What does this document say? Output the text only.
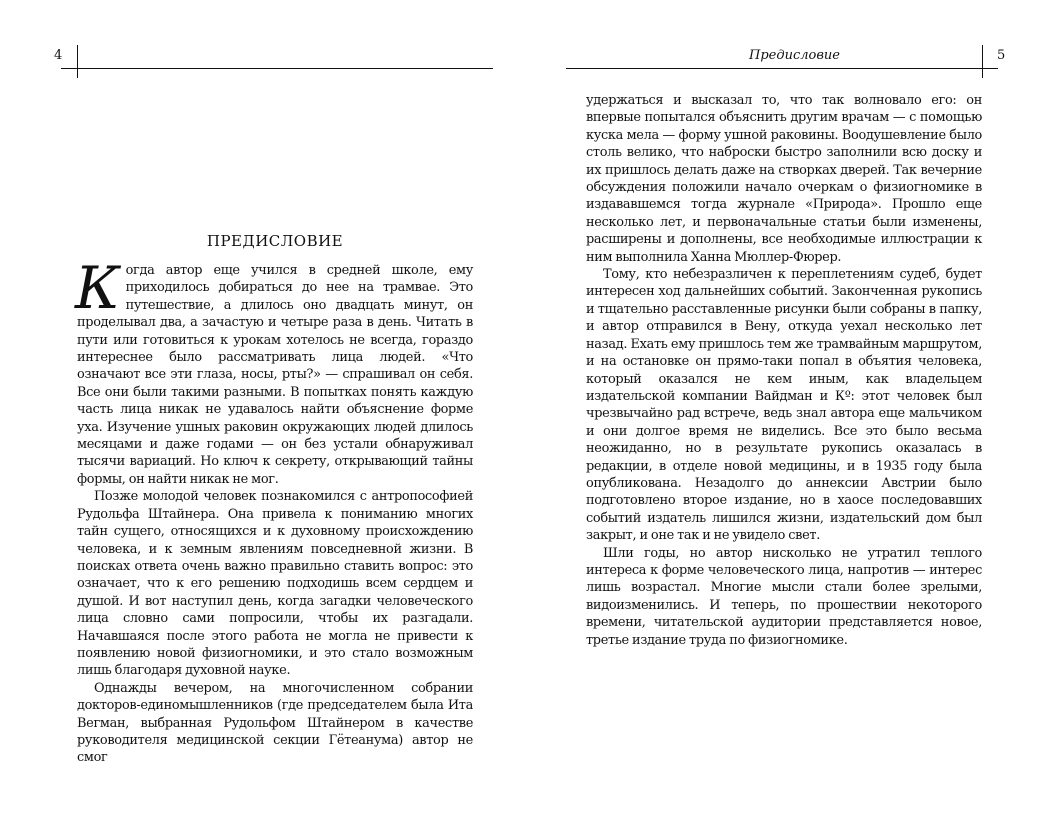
4
ПРЕДИСЛОВИЕ

Когда автор еще учился в средней школе, ему приходилось добираться до нее на трамвае. Это путешествие, а длилось оно двадцать минут, он проделывал два, а зачастую и четыре раза в день. Читать в пути или готовиться к урокам хотелось не всегда, гораздо интереснее было рассматривать лица людей. «Что означают все эти глаза, носы, рты?» — спрашивал он себя. Все они были такими разными. В попытках понять каждую часть лица никак не удавалось найти объяснение форме уха. Изучение ушных раковин окружающих людей длилось месяцами и даже годами — он без устали обнаруживал тысячи вариаций. Но ключ к секрету, открывающий тайны формы, он найти никак не мог.

Позже молодой человек познакомился с антропософией Рудольфа Штайнера. Она привела к пониманию многих тайн сущего, относящихся и к духовному происхождению человека, и к земным явлениям повседневной жизни. В поисках ответа очень важно правильно ставить вопрос: это означает, что к его решению подходишь всем сердцем и душой. И вот наступил день, когда загадки человеческого лица словно сами попросили, чтобы их разгадали. Начавшаяся после этого работа не могла не привести к появлению новой физиогномики, и это стало возможным лишь благодаря духовной науке.

Однажды вечером, на многочисленном собрании докторов-единомышленников (где председателем была Ита Вегман, выбранная Рудольфом Штайнером в качестве руководителя медицинской секции Гётеанума) автор не смог

Предисловие	5

удержаться и высказал то, что так волновало его: он впервые попытался объяснить другим врачам — с помощью куска мела — форму ушной раковины. Воодушевление было столь велико, что наброски быстро заполнили всю доску и их пришлось делать даже на створках дверей. Так вечерние обсуждения положили начало очеркам о физиогномике в издававшемся тогда журнале «Природа». Прошло еще несколько лет, и первоначальные статьи были изменены, расширены и дополнены, все необходимые иллюстрации к ним выполнила Ханна Мюллер-Фюрер.

Тому, кто небезразличен к переплетениям судеб, будет интересен ход дальнейших событий. Законченная рукопись и тщательно расставленные рисунки были собраны в папку, и автор отправился в Вену, откуда уехал несколько лет назад. Ехать ему пришлось тем же трамвайным маршрутом, и на остановке он прямо-таки попал в объятия человека, который оказался не кем иным, как владельцем издательской компании Вайдман и Кº: этот человек был чрезвычайно рад встрече, ведь знал автора еще мальчиком и они долгое время не виделись. Все это было весьма неожиданно, но в результате рукопись оказалась в редакции, в отделе новой медицины, и в 1935 году была опубликована. Незадолго до аннексии Австрии было подготовлено второе издание, но в хаосе последовавших событий издатель лишился жизни, издательский дом был закрыт, и оне так и не увидело свет.

Шли годы, но автор нисколько не утратил теплого интереса к форме человеческого лица, напротив — интерес лишь возрастал. Многие мысли стали более зрелыми, видоизменились. И теперь, по прошествии некоторого времени, читательской аудитории представляется новое, третье издание труда по физиогномике.
